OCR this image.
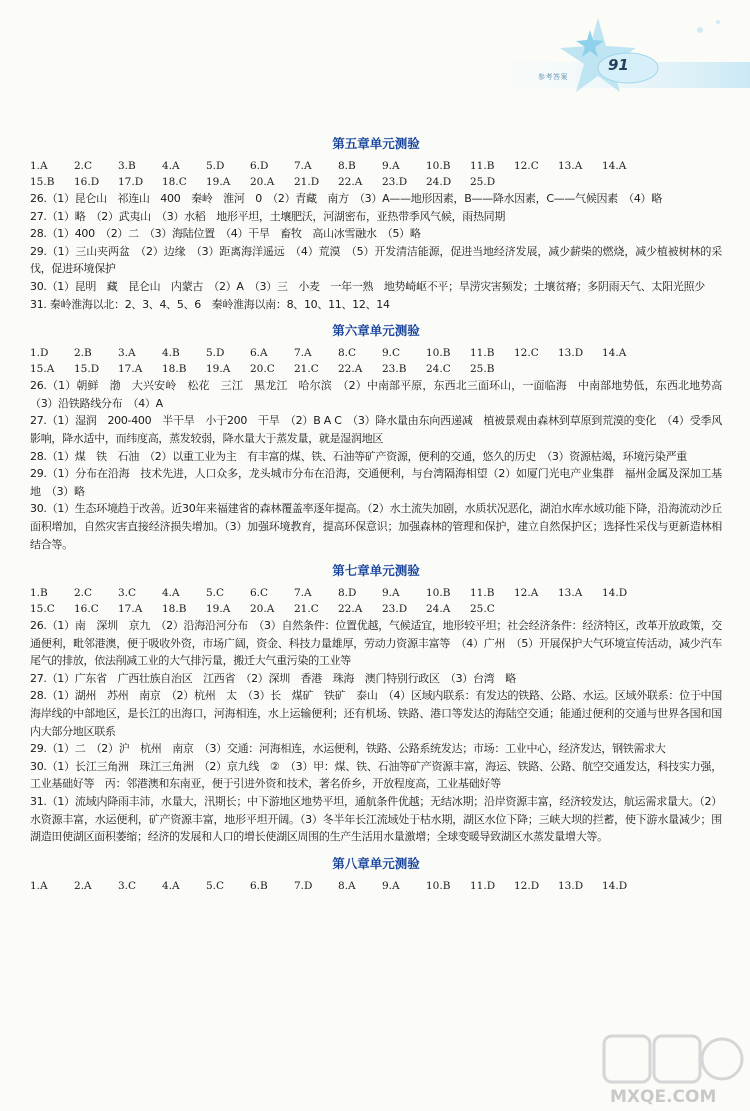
参考答案
91
第五章单元测验
1.A	2.C	3.B	4.A	5.D	6.D	7.A	8.B	9.A	10.B	11.B	12.C	13.A	14.A
15.B	16.D	17.D	18.C	19.A	20.A	21.D	22.A	23.D	24.D	25.D
26.（1）昆仑山　祁连山　400　秦岭　淮河　0　（2）青藏　南方　（3）A——地形因素，B——降水因素，C——气候因素　（4）略
27.（1）略　（2）武夷山　（3）水稻　地形平坦，土壤肥沃，河湖密布，亚热带季风气候，雨热同期
28.（1）400　（2）二　（3）海陆位置　（4）干旱　畜牧　高山冰雪融水　（5）略
29.（1）三山夹两盆　（2）边缘　（3）距离海洋遥远　（4）荒漠　（5）开发清洁能源，促进当地经济发展，减少薪柴的燃烧，减少植被树林的采伐，促进环境保护
30.（1）昆明　藏　昆仑山　内蒙古　（2）A　（3）三　小麦　一年一熟　地势崎岖不平；旱涝灾害频发；土壤贫瘠；多阴雨天气、太阳光照少
31. 秦岭淮海以北：2、3、4、5、6　秦岭淮海以南：8、10、11、12、14
第六章单元测验
1.D	2.B	3.A	4.B	5.D	6.A	7.A	8.C	9.C	10.B	11.B	12.C	13.D	14.A
15.A	15.D	17.A	18.B	19.A	20.C	21.C	22.A	23.B	24.C	25.B
26.（1）朝鲜　渤　大兴安岭　松花　三江　黑龙江　哈尔滨　（2）中南部平原，东西北三面环山，一面临海　中南部地势低，东西北地势高　（3）沿铁路线分布　（4）A
27.（1）湿润　200-400　半干旱　小于200　干旱　（2）B A C　（3）降水量由东向西递减　植被景观由森林到草原到荒漠的变化　（4）受季风影响，降水适中，而纬度高，蒸发较弱，降水量大于蒸发量，就是湿润地区
28.（1）煤　铁　石油　（2）以重工业为主　有丰富的煤、铁、石油等矿产资源，便利的交通，悠久的历史　（3）资源枯竭，环境污染严重
29.（1）分布在沿海　技术先进，人口众多，龙头城市分布在沿海，交通便利，与台湾隔海相望（2）如厦门光电产业集群　福州金属及深加工基地　（3）略
30.（1）生态环境趋于改善。近30年来福建省的森林覆盖率逐年提高。（2）水土流失加剧，水质状况恶化，湖泊水库水域功能下降，沿海流动沙丘面积增加，自然灾害直接经济损失增加。（3）加强环境教育，提高环保意识；加强森林的管理和保护，建立自然保护区；选择性采伐与更新造林相结合等。
第七章单元测验
1.B	2.C	3.C	4.A	5.C	6.C	7.A	8.D	9.A	10.B	11.B	12.A	13.A	14.D
15.C	16.C	17.A	18.B	19.A	20.A	21.C	22.A	23.D	24.A	25.C
26.（1）南　深圳　京九　（2）沿海沿河分布　（3）自然条件：位置优越，气候适宜，地形较平坦；社会经济条件：经济特区，改革开放政策，交通便利，毗邻港澳，便于吸收外资，市场广阔，资金、科技力量雄厚，劳动力资源丰富等　（4）广州　（5）开展保护大气环境宣传活动，减少汽车尾气的排放，依法削减工业的大气排污量，搬迁大气重污染的工业等
27.（1）广东省　广西壮族自治区　江西省　（2）深圳　香港　珠海　澳门特别行政区　（3）台湾　略
28.（1）湖州　苏州　南京　（2）杭州　太　（3）长　煤矿　铁矿　泰山　（4）区域内联系：有发达的铁路、公路、水运。区域外联系：位于中国海岸线的中部地区，是长江的出海口，河海相连，水上运输便利；还有机场、铁路、港口等发达的海陆空交通；能通过便利的交通与世界各国和国内大部分地区联系
29.（1）二　（2）沪　杭州　南京　（3）交通：河海相连，水运便利，铁路、公路系统发达；市场：工业中心，经济发达，钢铁需求大
30.（1）长江三角洲　珠江三角洲　（2）京九线　②　（3）甲：煤、铁、石油等矿产资源丰富，海运、铁路、公路、航空交通发达，科技实力强，工业基础好等　丙：邻港澳和东南亚，便于引进外资和技术，著名侨乡，开放程度高，工业基础好等
31.（1）流域内降雨丰沛，水量大，汛期长；中下游地区地势平坦，通航条件优越；无结冰期；沿岸资源丰富，经济较发达，航运需求量大。（2）水资源丰富，水运便利，矿产资源丰富，地形平坦开阔。（3）冬半年长江流域处于枯水期，湖区水位下降；三峡大坝的拦蓄，使下游水量减少；围湖造田使湖区面积萎缩；经济的发展和人口的增长使湖区周围的生产生活用水量激增；全球变暖导致湖区水蒸发量增大等。
第八章单元测验
1.A	2.A	3.C	4.A	5.C	6.B	7.D	8.A	9.A	10.B	11.D	12.D	13.D	14.D
MXQE.COM
